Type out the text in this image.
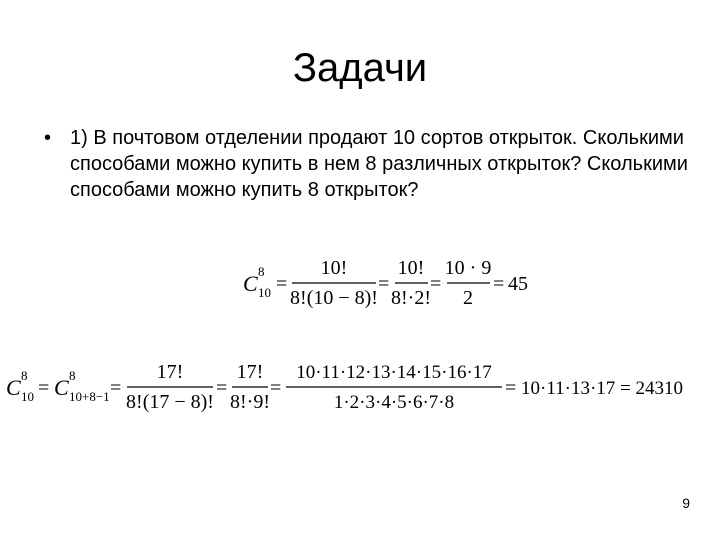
Задачи
• 1) В почтовом отделении продают 10 сортов открыток. Сколькими способами можно купить в нем 8 различных открыток? Сколькими способами можно купить 8 открыток?
C 8
10 =
10!
8!(10 − 8)!
=
10!
8!·2!
=
10 · 9
2
= 45
C 8
10 = C 8
10+8−1 =
17!
8!(17 − 8)!
=
17!
8!·9!
=
10·11·12·13·14·15·16·17
1·2·3·4·5·6·7·8
= 10·11·13·17 = 24310
9
